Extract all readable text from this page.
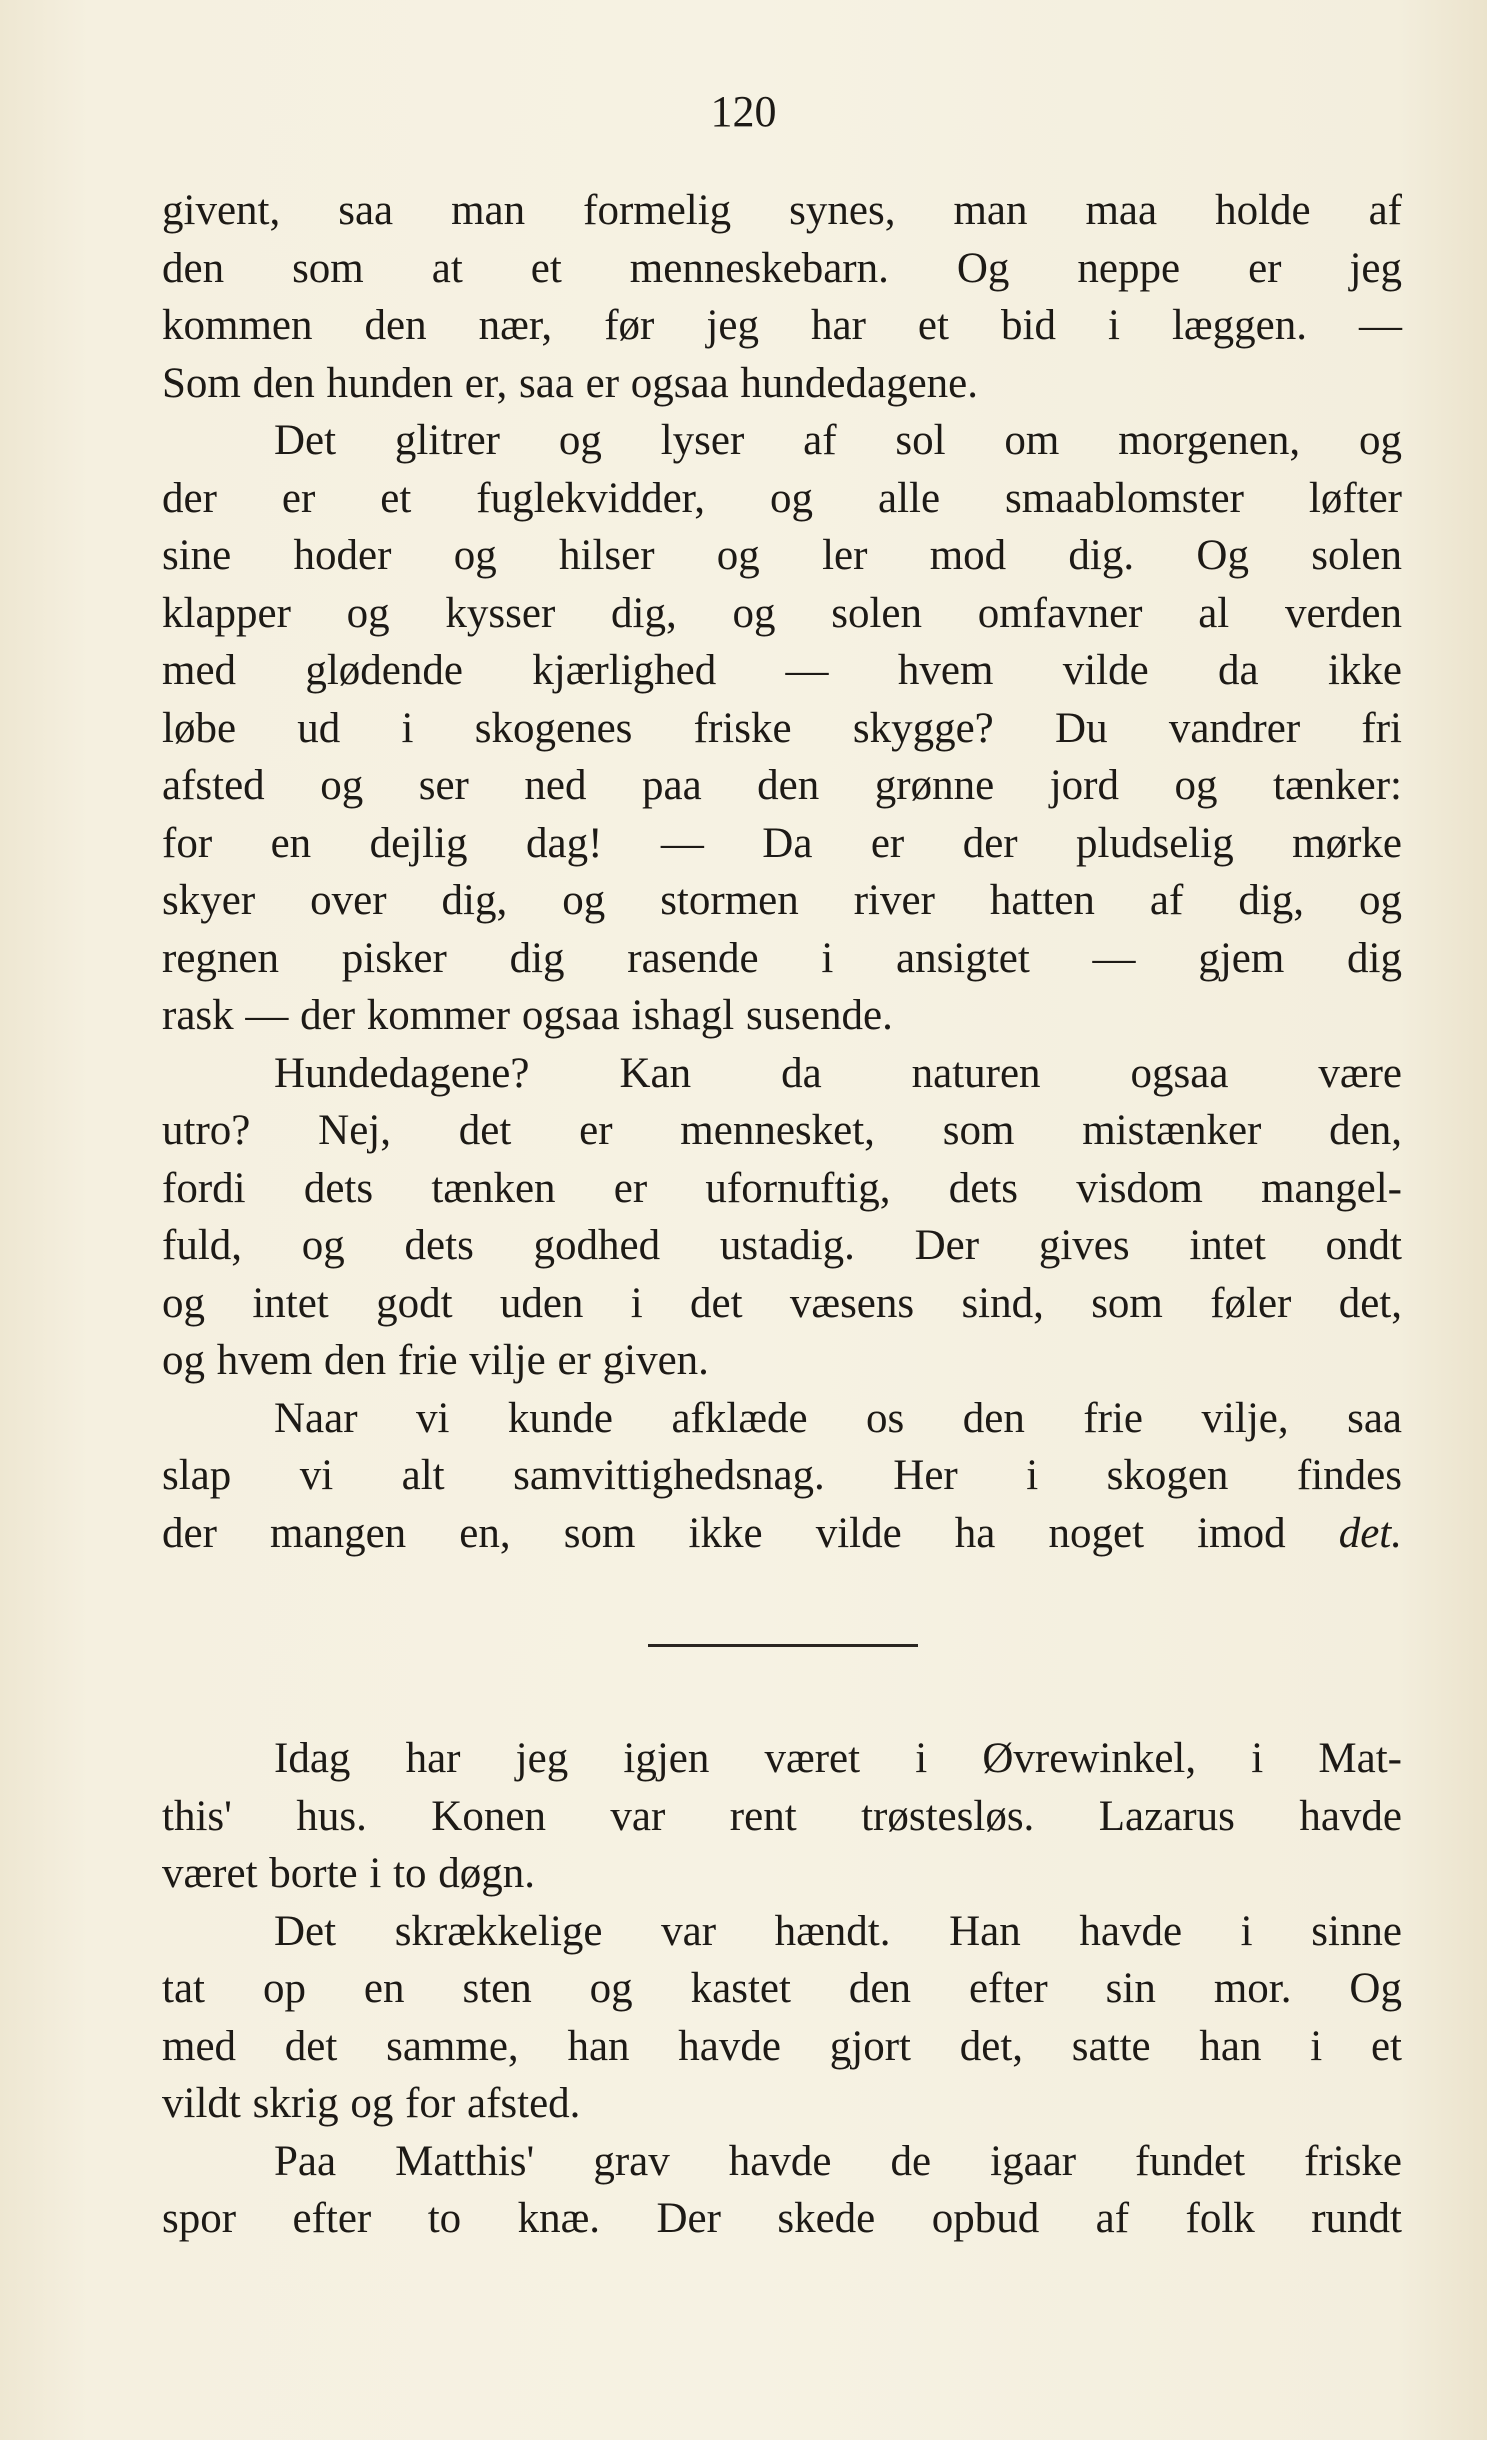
120

givent, saa man formelig synes, man maa holde af
den som at et menneskebarn. Og neppe er jeg
kommen den nær, før jeg har et bid i læggen. —
Som den hunden er, saa er ogsaa hundedagene.

Det glitrer og lyser af sol om morgenen, og
der er et fuglekvidder, og alle smaablomster løfter
sine hoder og hilser og ler mod dig. Og solen
klapper og kysser dig, og solen omfavner al verden
med glødende kjærlighed — hvem vilde da ikke
løbe ud i skogenes friske skygge? Du vandrer fri
afsted og ser ned paa den grønne jord og tænker:
for en dejlig dag! — Da er der pludselig mørke
skyer over dig, og stormen river hatten af dig, og
regnen pisker dig rasende i ansigtet — gjem dig
rask — der kommer ogsaa ishagl susende.

Hundedagene? Kan da naturen ogsaa være
utro? Nej, det er mennesket, som mistænker den,
fordi dets tænken er ufornuftig, dets visdom mangel-
fuld, og dets godhed ustadig. Der gives intet ondt
og intet godt uden i det væsens sind, som føler det,
og hvem den frie vilje er given.

Naar vi kunde afklæde os den frie vilje, saa
slap vi alt samvittighedsnag. Her i skogen findes
der mangen en, som ikke vilde ha noget imod det.

Idag har jeg igjen været i Øvrewinkel, i Mat-
this' hus. Konen var rent trøstesløs. Lazarus havde
været borte i to døgn.

Det skrækkelige var hændt. Han havde i sinne
tat op en sten og kastet den efter sin mor. Og
med det samme, han havde gjort det, satte han i et
vildt skrig og for afsted.

Paa Matthis' grav havde de igaar fundet friske
spor efter to knæ. Der skede opbud af folk rundt
